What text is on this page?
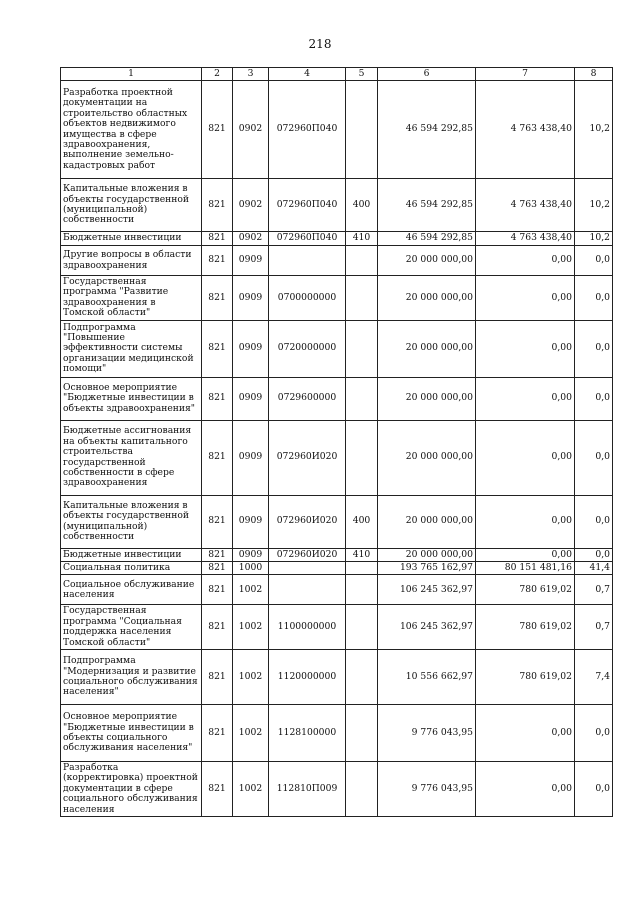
218
1	2	3	4	5	6	7	8
Разработка проектной документации на строительство областных объектов недвижимого имущества в сфере здравоохранения, выполнение земельно-кадастровых работ	821	0902	072960П040		46 594 292,85	4 763 438,40	10,2
Капитальные вложения в объекты государственной (муниципальной) собственности	821	0902	072960П040	400	46 594 292,85	4 763 438,40	10,2
Бюджетные инвестиции	821	0902	072960П040	410	46 594 292,85	4 763 438,40	10,2
Другие вопросы в области здравоохранения	821	0909			20 000 000,00	0,00	0,0
Государственная программа "Развитие здравоохранения в Томской области"	821	0909	0700000000		20 000 000,00	0,00	0,0
Подпрограмма "Повышение эффективности системы организации медицинской помощи"	821	0909	0720000000		20 000 000,00	0,00	0,0
Основное мероприятие "Бюджетные инвестиции в объекты здравоохранения"	821	0909	0729600000		20 000 000,00	0,00	0,0
Бюджетные ассигнования на объекты капитального строительства государственной собственности в сфере здравоохранения	821	0909	072960И020		20 000 000,00	0,00	0,0
Капитальные вложения в объекты государственной (муниципальной) собственности	821	0909	072960И020	400	20 000 000,00	0,00	0,0
Бюджетные инвестиции	821	0909	072960И020	410	20 000 000,00	0,00	0,0
Социальная политика	821	1000			193 765 162,97	80 151 481,16	41,4
Социальное обслуживание населения	821	1002			106 245 362,97	780 619,02	0,7
Государственная программа "Социальная поддержка населения Томской области"	821	1002	1100000000		106 245 362,97	780 619,02	0,7
Подпрограмма "Модернизация и развитие социального обслуживания населения"	821	1002	1120000000		10 556 662,97	780 619,02	7,4
Основное мероприятие "Бюджетные инвестиции в объекты социального обслуживания населения"	821	1002	1128100000		9 776 043,95	0,00	0,0
Разработка (корректировка) проектной документации в сфере социального обслуживания населения	821	1002	112810П009		9 776 043,95	0,00	0,0
